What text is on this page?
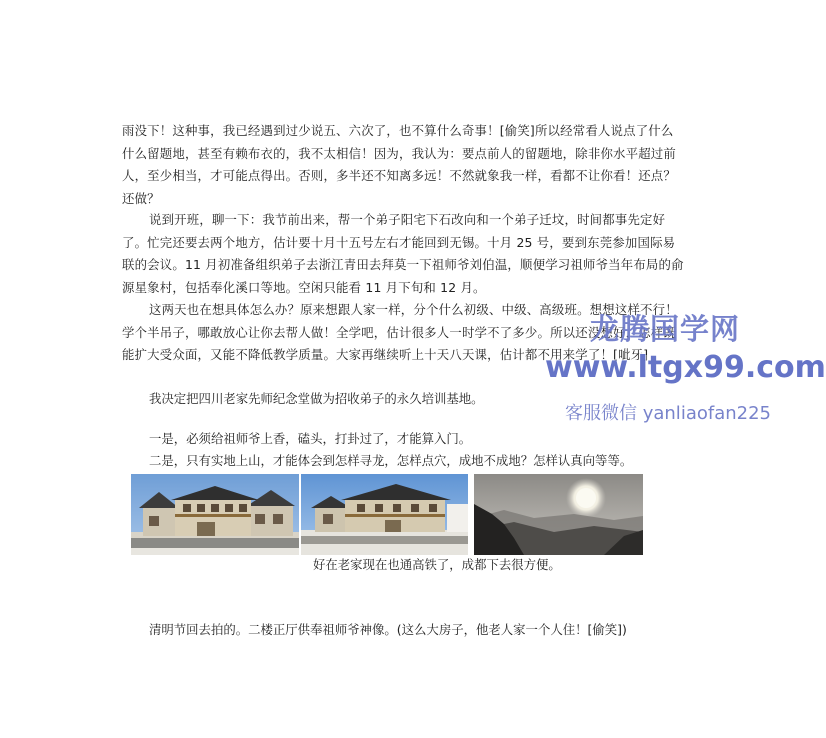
雨没下！这种事，我已经遇到过少说五、六次了，也不算什么奇事！[偷笑]所以经常看人说点了什么什么留题地，甚至有赖布衣的，我不太相信！因为，我认为：要点前人的留题地，除非你水平超过前人，至少相当，才可能点得出。否则，多半还不知离多远！不然就象我一样，看都不让你看！还点？还做？

说到开班，聊一下：我节前出来，帮一个弟子阳宅下石改向和一个弟子迁坟，时间都事先定好了。忙完还要去两个地方，估计要十月十五号左右才能回到无锡。十月 25 号，要到东莞参加国际易联的会议。11 月初准备组织弟子去浙江青田去拜莫一下祖师爷刘伯温，顺便学习祖师爷当年布局的俞源星象村，包括奉化溪口等地。空闲只能看 11 月下旬和 12 月。

这两天也在想具体怎么办？原来想跟人家一样，分个什么初级、中级、高级班。想想这样不行！学个半吊子，哪敢放心让你去帮人做！全学吧，估计很多人一时学不了多少。所以还没想好，怎样既能扩大受众面，又能不降低教学质量。大家再继续听上十天八天课，估计都不用来学了！[呲牙]

我决定把四川老家先师纪念堂做为招收弟子的永久培训基地。
一是，必须给祖师爷上香，磕头，打卦过了，才能算入门。
二是，只有实地上山，才能体会到怎样寻龙，怎样点穴，成地不成地？怎样认真向等等。
好在老家现在也通高铁了，成都下去很方便。
清明节回去拍的。二楼正厅供奉祖师爷神像。(这么大房子，他老人家一个人住！[偷笑])
龙腾国学网
www.ltgx99.com
客服微信 yanliaofan225
